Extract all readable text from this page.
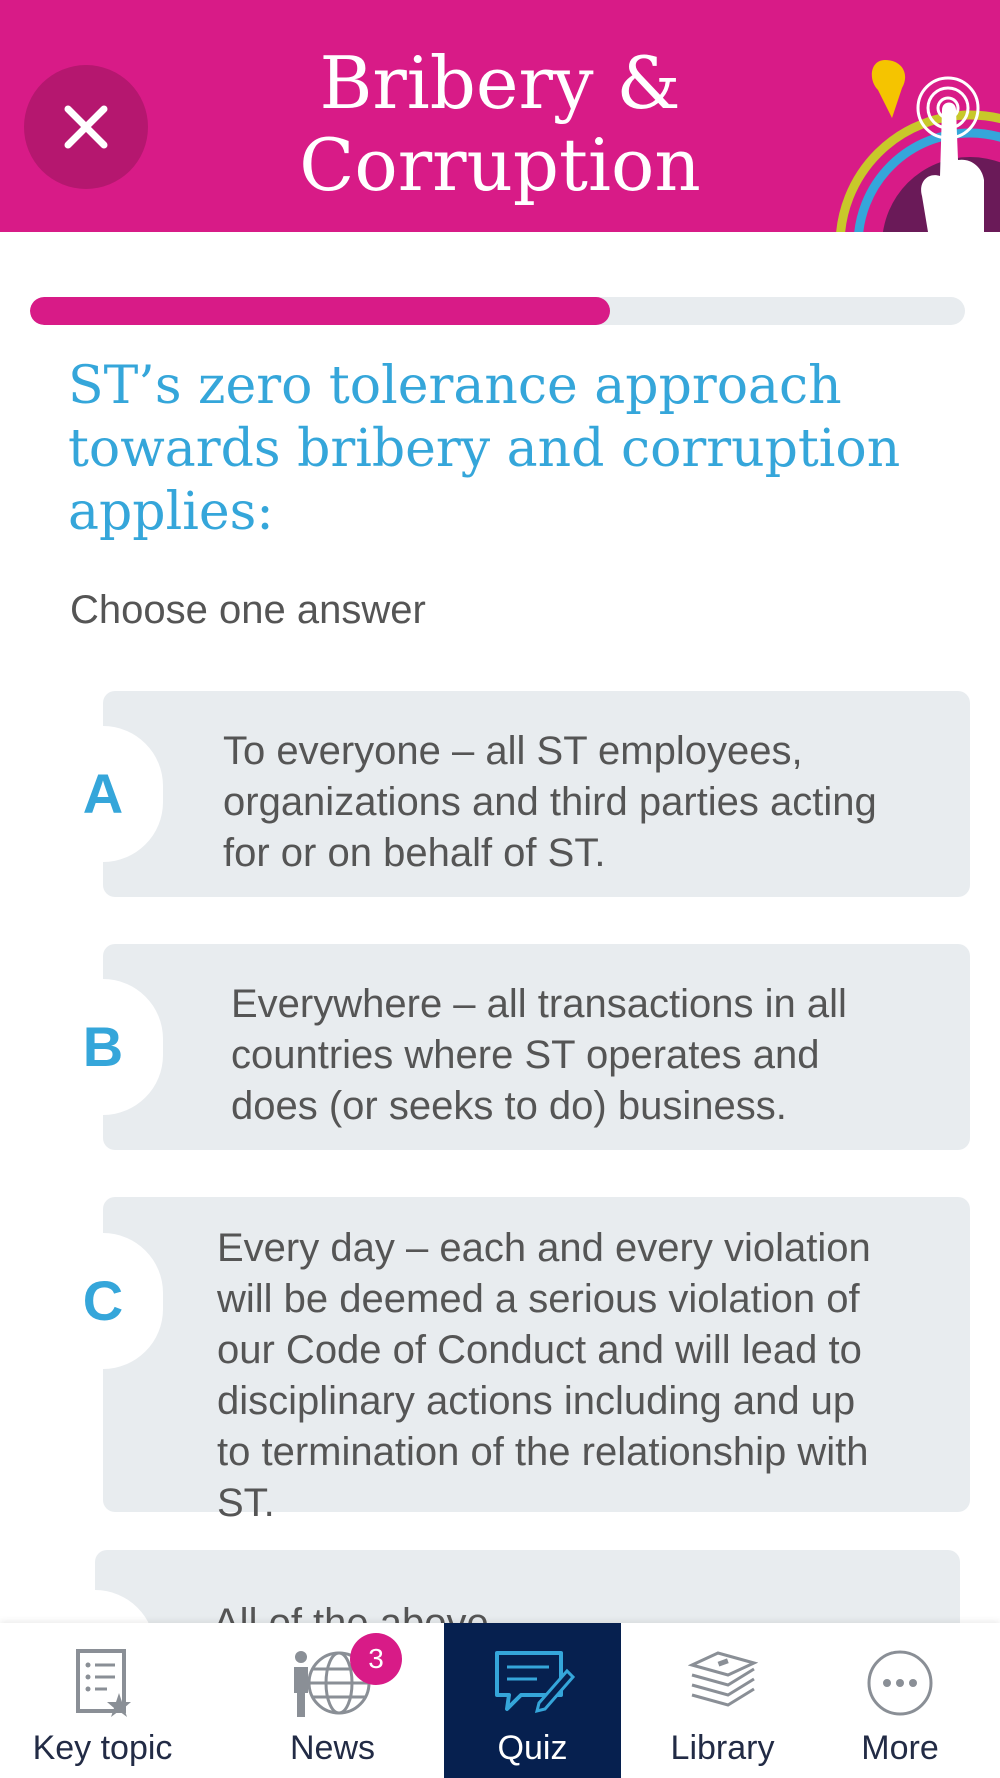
Bribery &
Corruption
ST’s zero tolerance approach towards bribery and corruption applies:

Choose one answer

A
To everyone – all ST employees, organizations and third parties acting for or on behalf of ST.
B
Everywhere – all transactions in all countries where ST operates and does (or seeks to do) business.
C
Every day – each and every violation will be deemed a serious violation of our Code of Conduct and will lead to disciplinary actions including and up to termination of the relationship with ST.
Key topic	News
3
Quiz	Library	More
